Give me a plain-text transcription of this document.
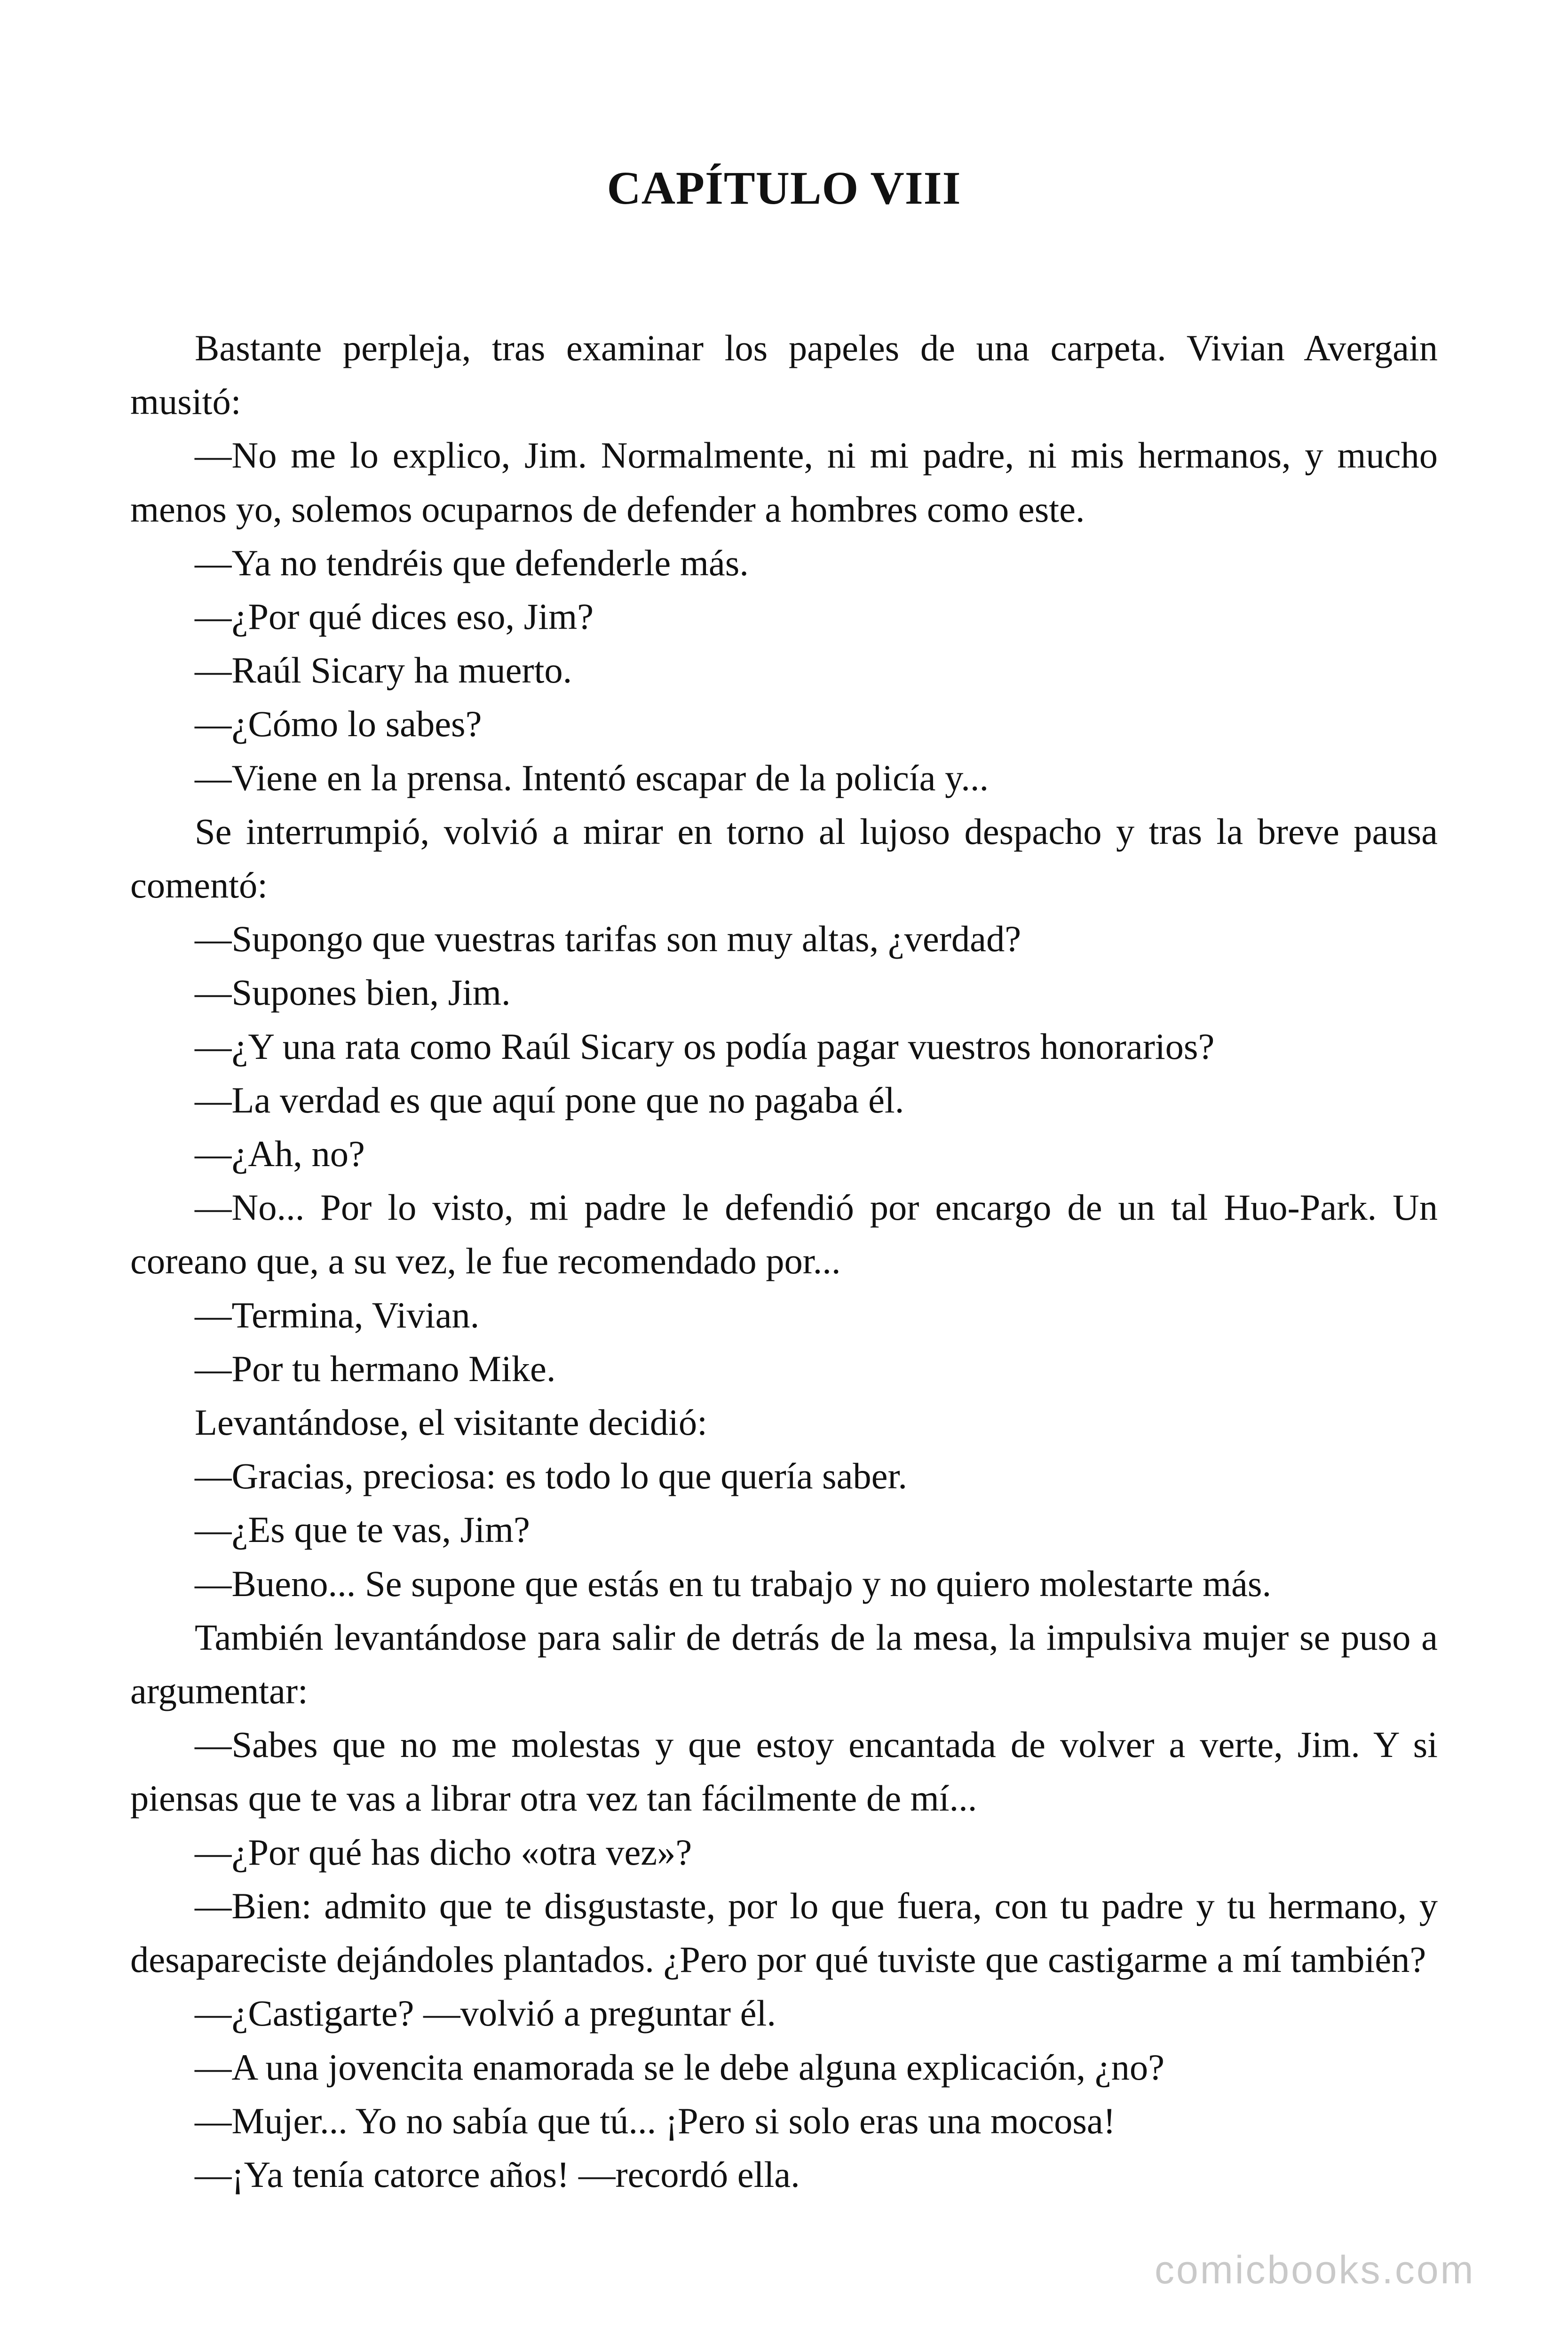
CAPÍTULO VIII

Bastante perpleja, tras examinar los papeles de una carpeta. Vivian Avergain musitó:

—No me lo explico, Jim. Normalmente, ni mi padre, ni mis hermanos, y mucho menos yo, solemos ocuparnos de defender a hombres como este.

—Ya no tendréis que defenderle más.

—¿Por qué dices eso, Jim?

—Raúl Sicary ha muerto.

—¿Cómo lo sabes?

—Viene en la prensa. Intentó escapar de la policía y...

Se interrumpió, volvió a mirar en torno al lujoso despacho y tras la breve pausa comentó:

—Supongo que vuestras tarifas son muy altas, ¿verdad?

—Supones bien, Jim.

—¿Y una rata como Raúl Sicary os podía pagar vuestros honorarios?

—La verdad es que aquí pone que no pagaba él.

—¿Ah, no?

—No... Por lo visto, mi padre le defendió por encargo de un tal Huo-Park. Un coreano que, a su vez, le fue recomendado por...

—Termina, Vivian.

—Por tu hermano Mike.

Levantándose, el visitante decidió:

—Gracias, preciosa: es todo lo que quería saber.

—¿Es que te vas, Jim?

—Bueno... Se supone que estás en tu trabajo y no quiero molestarte más.

También levantándose para salir de detrás de la mesa, la impulsiva mujer se puso a argumentar:

—Sabes que no me molestas y que estoy encantada de volver a verte, Jim. Y si piensas que te vas a librar otra vez tan fácilmente de mí...

—¿Por qué has dicho «otra vez»?

—Bien: admito que te disgustaste, por lo que fuera, con tu padre y tu hermano, y desapareciste dejándoles plantados. ¿Pero por qué tuviste que castigarme a mí también?

—¿Castigarte? —volvió a preguntar él.

—A una jovencita enamorada se le debe alguna explicación, ¿no?

—Mujer... Yo no sabía que tú... ¡Pero si solo eras una mocosa!

—¡Ya tenía catorce años! —recordó ella.

comicbooks.com
